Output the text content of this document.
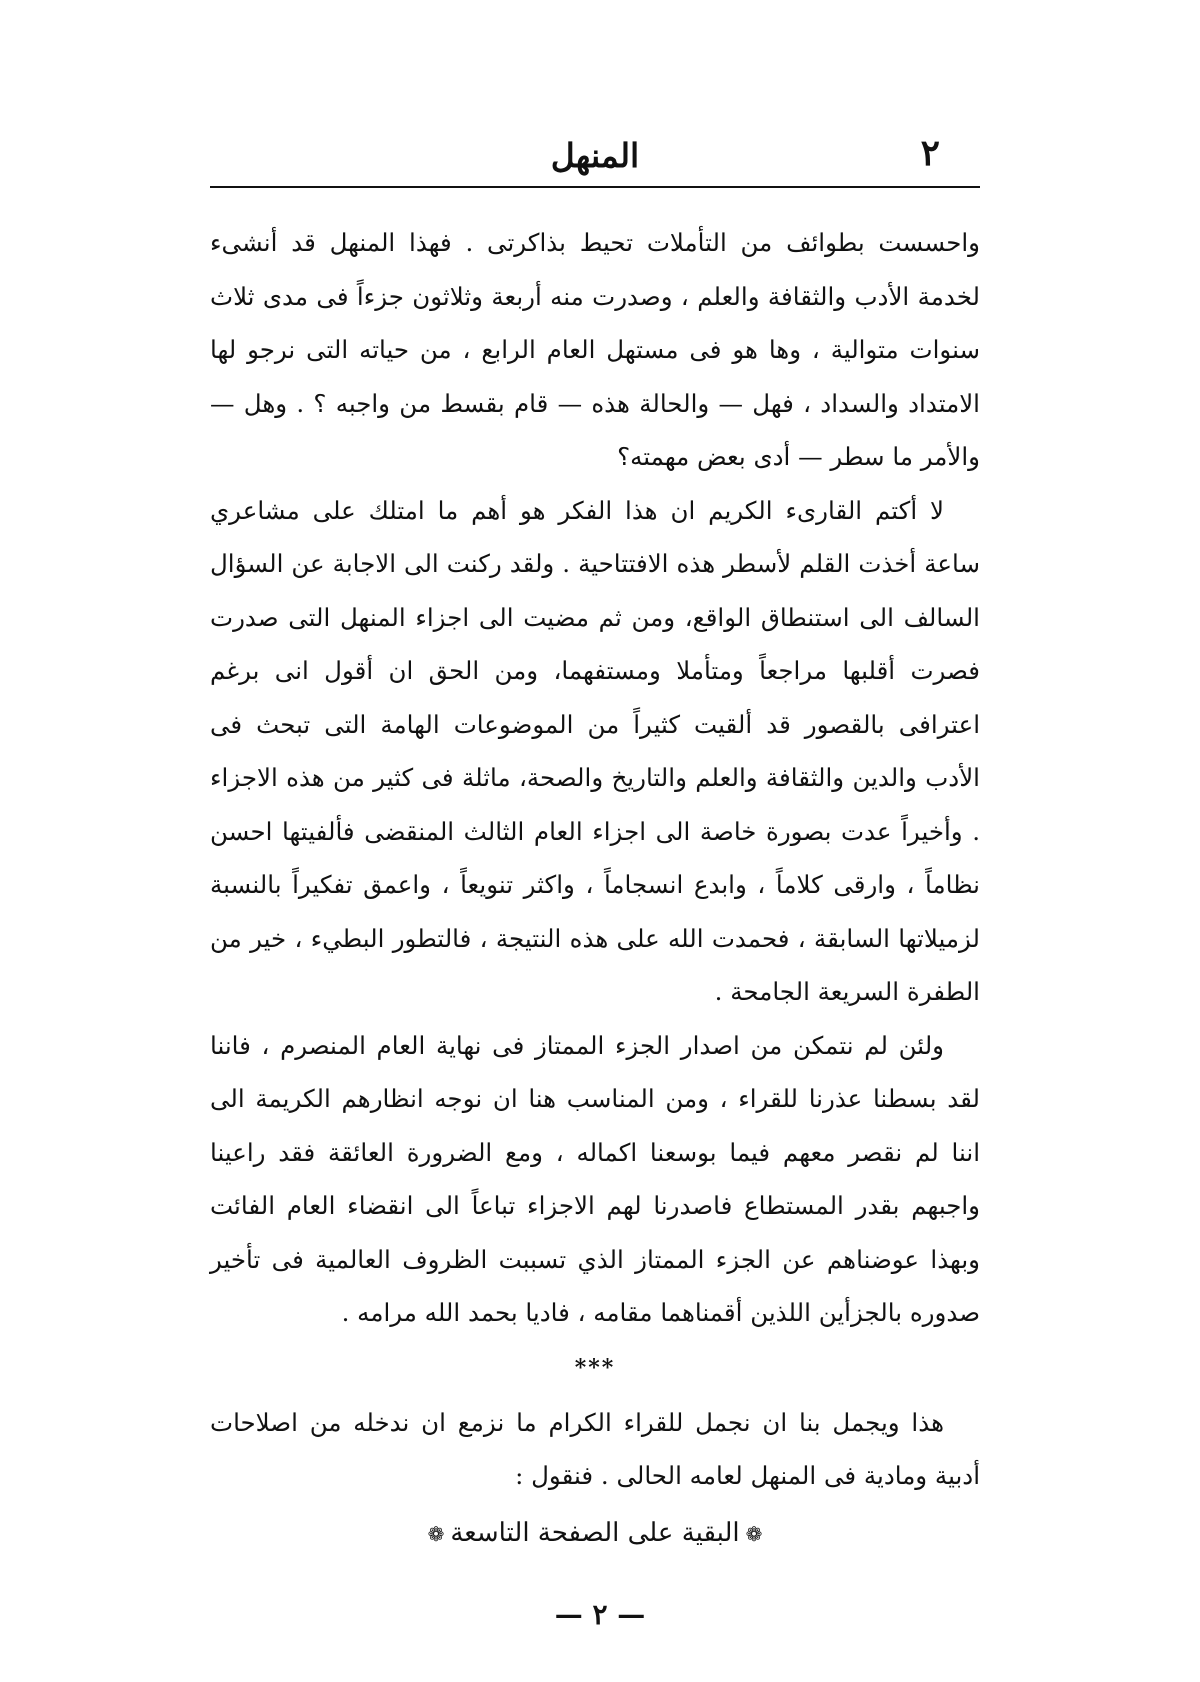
٢
المنهل

واحسست بطوائف من التأملات تحيط بذاكرتى . فهذا المنهل قد أنشىء لخدمة الأدب والثقافة والعلم ، وصدرت منه أربعة وثلاثون جزءاً فى مدى ثلاث سنوات متوالية ، وها هو فى مستهل العام الرابع ، من حياته التى نرجو لها الامتداد والسداد ، فهل — والحالة هذه — قام بقسط من واجبه ؟ . وهل — والأمر ما سطر — أدى بعض مهمته؟

لا أكتم القارىء الكريم ان هذا الفكر هو أهم ما امتلك على مشاعري ساعة أخذت القلم لأسطر هذه الافتتاحية . ولقد ركنت الى الاجابة عن السؤال السالف الى استنطاق الواقع، ومن ثم مضيت الى اجزاء المنهل التى صدرت فصرت أقلبها مراجعاً ومتأملا ومستفهما، ومن الحق ان أقول انى برغم اعترافى بالقصور قد ألقيت كثيراً من الموضوعات الهامة التى تبحث فى الأدب والدين والثقافة والعلم والتاريخ والصحة، ماثلة فى كثير من هذه الاجزاء . وأخيراً عدت بصورة خاصة الى اجزاء العام الثالث المنقضى فألفيتها احسن نظاماً ، وارقى كلاماً ، وابدع انسجاماً ، واكثر تنويعاً ، واعمق تفكيراً بالنسبة لزميلاتها السابقة ، فحمدت الله على هذه النتيجة ، فالتطور البطيء ، خير من الطفرة السريعة الجامحة .

ولئن لم نتمكن من اصدار الجزء الممتاز فى نهاية العام المنصرم ، فاننا لقد بسطنا عذرنا للقراء ، ومن المناسب هنا ان نوجه انظارهم الكريمة الى اننا لم نقصر معهم فيما بوسعنا اكماله ، ومع الضرورة العائقة فقد راعينا واجبهم بقدر المستطاع فاصدرنا لهم الاجزاء تباعاً الى انقضاء العام الفائت وبهذا عوضناهم عن الجزء الممتاز الذي تسببت الظروف العالمية فى تأخير صدوره بالجزأين اللذين أقمناهما مقامه ، فاديا بحمد الله مرامه .

***

هذا ويجمل بنا ان نجمل للقراء الكرام ما نزمع ان ندخله من اصلاحات أدبية ومادية فى المنهل لعامه الحالى . فنقول :

❁البقية على الصفحة التاسعة❁

— ٢ —
